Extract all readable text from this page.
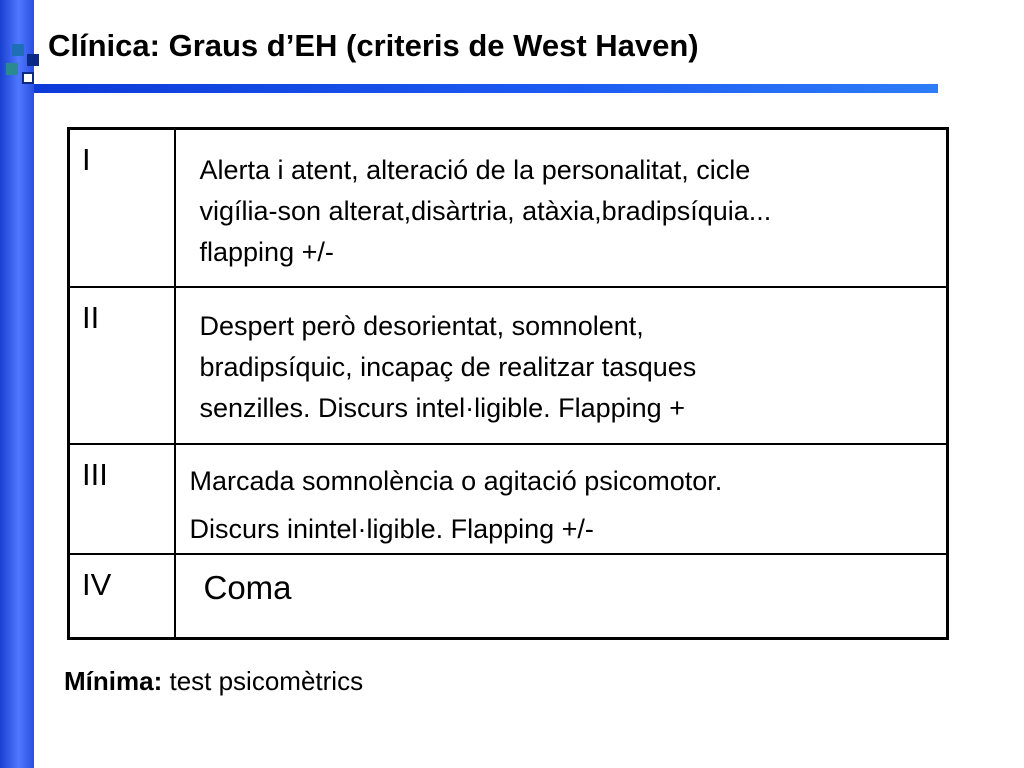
Clínica: Graus d’EH (criteris de West Haven)
I	Alerta i atent, alteració de la personalitat, cicle
vigília-son alterat,disàrtria, atàxia,bradipsíquia...
flapping +/-

II	Despert però desorientat, somnolent,
bradipsíquic, incapaç de realitzar tasques
senzilles. Discurs intel·ligible. Flapping +

III	Marcada somnolència o agitació psicomotor.
Discurs inintel·ligible. Flapping +/-

IV	Coma
Mínima: test psicomètrics
